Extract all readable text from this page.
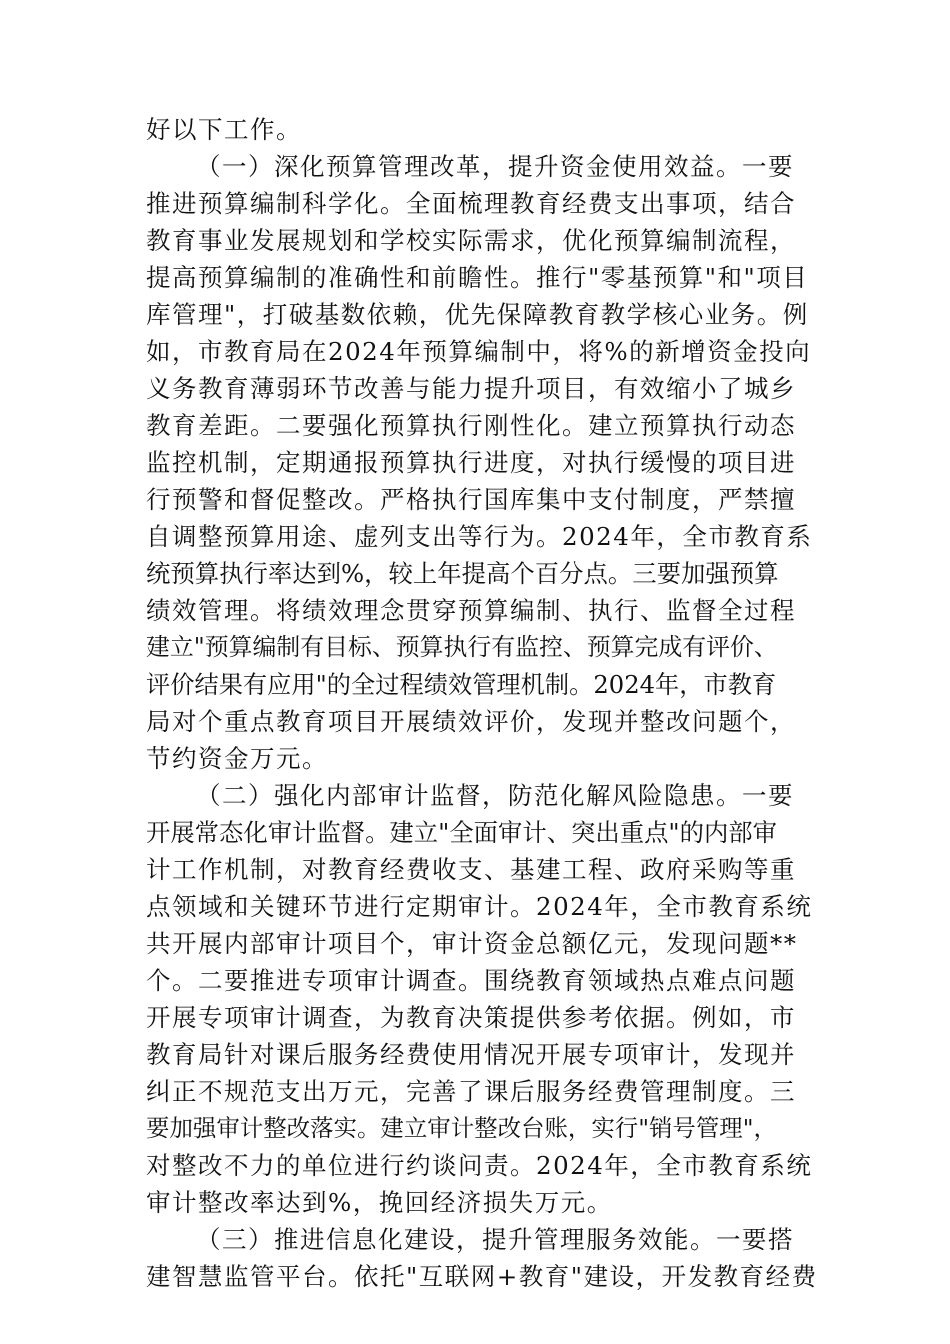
好以下工作。
（一）深化预算管理改革，提升资金使用效益。一要
推进预算编制科学化。全面梳理教育经费支出事项，结合
教育事业发展规划和学校实际需求，优化预算编制流程，
提高预算编制的准确性和前瞻性。推行"零基预算"和"项目
库管理"，打破基数依赖，优先保障教育教学核心业务。例
如，市教育局在2024年预算编制中，将%的新增资金投向
义务教育薄弱环节改善与能力提升项目，有效缩小了城乡
教育差距。二要强化预算执行刚性化。建立预算执行动态
监控机制，定期通报预算执行进度，对执行缓慢的项目进
行预警和督促整改。严格执行国库集中支付制度，严禁擅
自调整预算用途、虚列支出等行为。2024年，全市教育系
统预算执行率达到%，较上年提高个百分点。三要加强预算
绩效管理。将绩效理念贯穿预算编制、执行、监督全过程
建立"预算编制有目标、预算执行有监控、预算完成有评价、
评价结果有应用"的全过程绩效管理机制。2024年，市教育
局对个重点教育项目开展绩效评价，发现并整改问题个，
节约资金万元。
（二）强化内部审计监督，防范化解风险隐患。一要
开展常态化审计监督。建立"全面审计、突出重点"的内部审
计工作机制，对教育经费收支、基建工程、政府采购等重
点领域和关键环节进行定期审计。2024年，全市教育系统
共开展内部审计项目个，审计资金总额亿元，发现问题**
个。二要推进专项审计调查。围绕教育领域热点难点问题
开展专项审计调查，为教育决策提供参考依据。例如，市
教育局针对课后服务经费使用情况开展专项审计，发现并
纠正不规范支出万元，完善了课后服务经费管理制度。三
要加强审计整改落实。建立审计整改台账，实行"销号管理"，
对整改不力的单位进行约谈问责。2024年，全市教育系统
审计整改率达到%，挽回经济损失万元。
（三）推进信息化建设，提升管理服务效能。一要搭
建智慧监管平台。依托"互联网+教育"建设，开发教育经费
